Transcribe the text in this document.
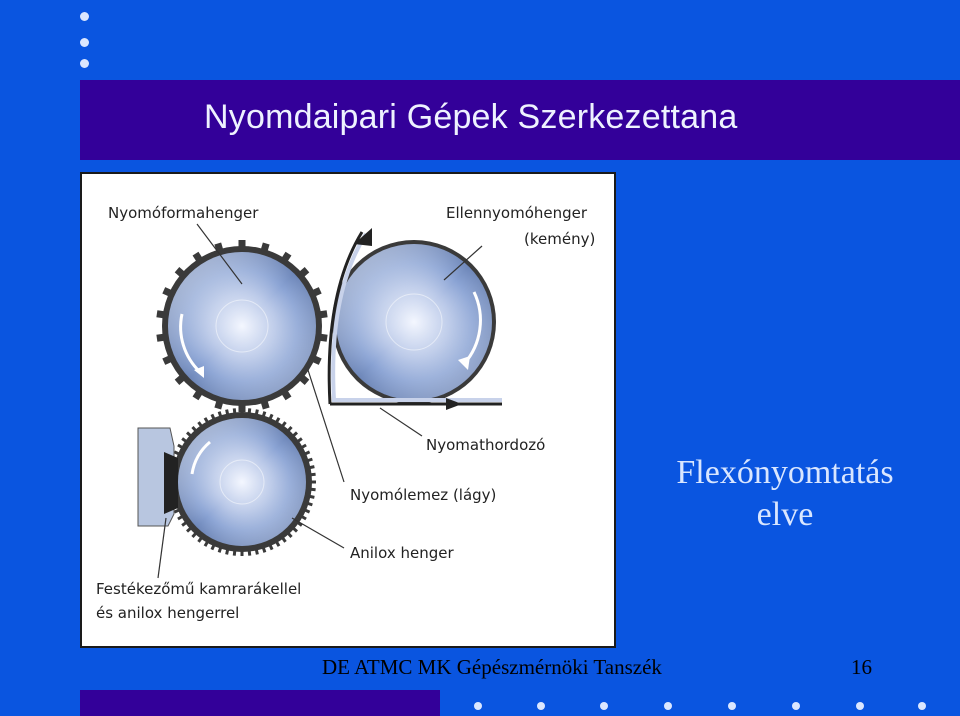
Nyomdaipari Gépek Szerkezettana
Nyomóformahenger	Ellennyomóhenger
(kemény)
Nyomathordozó
Nyomólemez (lágy)
Anilox henger
Festékezőmű kamrarákellel
és anilox hengerrel
Flexónyomtatás
elve
DE ATMC MK Gépészmérnöki Tanszék	16
